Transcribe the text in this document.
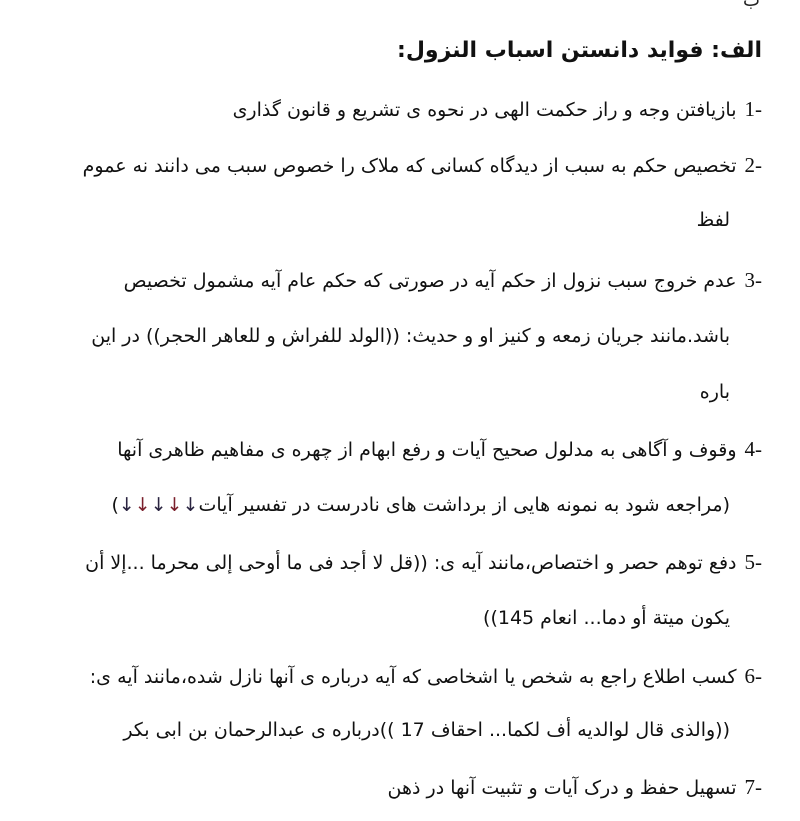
ب
الف: فواید دانستن اسباب النزول:
1-بازیافتن وجه و راز حکمت الهی در نحوه ی تشریع و قانون گذاری
2-تخصیص حکم به سبب از دیدگاه کسانی که ملاک را خصوص سبب می دانند نه عموم
لفظ
3-عدم خروج سبب نزول از حکم آیه در صورتی که حکم عام آیه مشمول تخصیص
باشد.مانند جریان زمعه و کنیز او و حدیث: ((الولد للفراش و للعاهر الحجر)) در این
باره
4-وقوف و آگاهی به مدلول صحیح آیات و رفع ابهام از چهره ی مفاهیم ظاهری آنها
(مراجعه شود به نمونه هایی از برداشت های نادرست در تفسیر آیات↓↓↓↓↓)
5-دفع توهم حصر و اختصاص،مانند آیه ی: ((قل لا أجد فی ما أوحی إلی محرما ...إلا أن
یکون میتة أو دما... انعام 145))
6-کسب اطلاع راجع به شخص یا اشخاصی که آیه درباره ی آنها نازل شده،مانند آیه ی:
((والذی قال لوالدیه أف لکما... احقاف 17 ))درباره ی عبدالرحمان بن ابی بکر
7-تسهیل حفظ و درک آیات و تثبیت آنها در ذهن
